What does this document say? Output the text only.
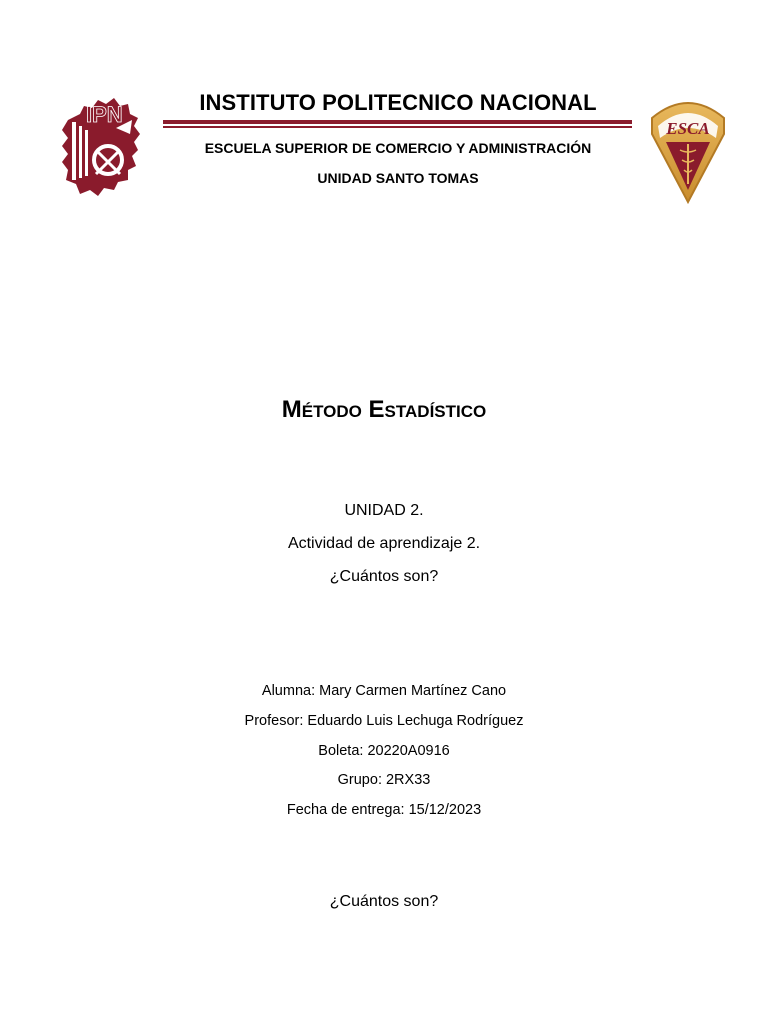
IPN	INSTITUTO POLITECNICO NACIONAL
ESCUELA SUPERIOR DE COMERCIO Y ADMINISTRACIÓN
UNIDAD SANTO TOMAS
ESCA
Método Estadístico
UNIDAD 2.
Actividad de aprendizaje 2.
¿Cuántos son?
Alumna: Mary Carmen Martínez Cano
Profesor: Eduardo Luis Lechuga Rodríguez
Boleta: 20220A0916
Grupo: 2RX33
Fecha de entrega: 15/12/2023
¿Cuántos son?
